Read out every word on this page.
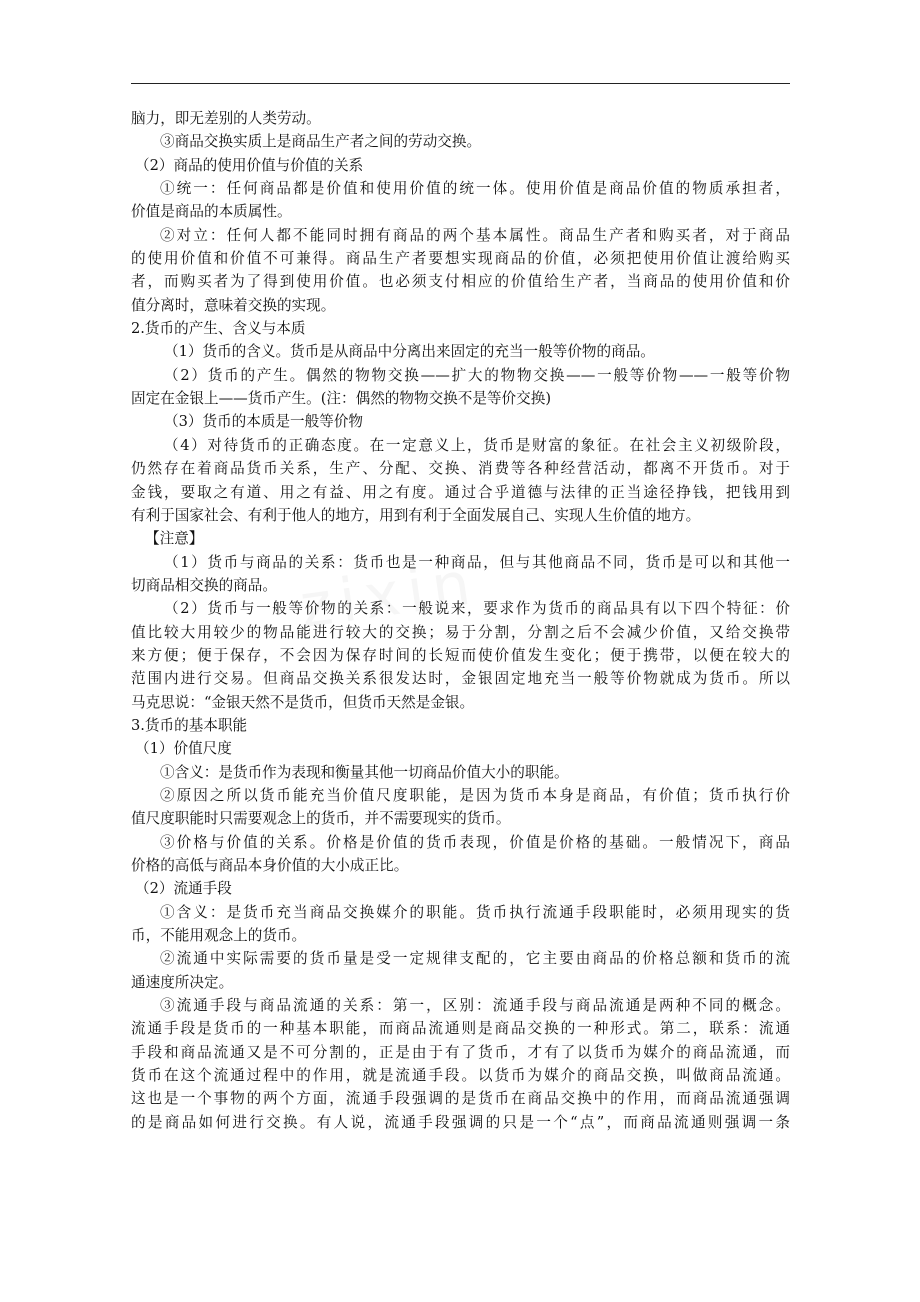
脑力，即无差别的人类劳动。
③商品交换实质上是商品生产者之间的劳动交换。
（2）商品的使用价值与价值的关系
①统一：任何商品都是价值和使用价值的统一体。使用价值是商品价值的物质承担者，
价值是商品的本质属性。
②对立：任何人都不能同时拥有商品的两个基本属性。商品生产者和购买者，对于商品
的使用价值和价值不可兼得。商品生产者要想实现商品的价值，必须把使用价值让渡给购买
者，而购买者为了得到使用价值。也必须支付相应的价值给生产者，当商品的使用价值和价
值分离时，意味着交换的实现。
2.货币的产生、含义与本质
（1）货币的含义。货币是从商品中分离出来固定的充当一般等价物的商品。
（2）货币的产生。偶然的物物交换——扩大的物物交换——一般等价物——一般等价物
固定在金银上——货币产生。(注：偶然的物物交换不是等价交换)
（3）货币的本质是一般等价物
（4）对待货币的正确态度。在一定意义上，货币是财富的象征。在社会主义初级阶段，
仍然存在着商品货币关系，生产、分配、交换、消费等各种经营活动，都离不开货币。对于
金钱，要取之有道、用之有益、用之有度。通过合乎道德与法律的正当途径挣钱，把钱用到
有利于国家社会、有利于他人的地方，用到有利于全面发展自己、实现人生价值的地方。
【注意】
（1）货币与商品的关系：货币也是一种商品，但与其他商品不同，货币是可以和其他一
切商品相交换的商品。
（2）货币与一般等价物的关系：一般说来，要求作为货币的商品具有以下四个特征：价
值比较大用较少的物品能进行较大的交换；易于分割，分割之后不会减少价值，又给交换带
来方便；便于保存，不会因为保存时间的长短而使价值发生变化；便于携带，以便在较大的
范围内进行交易。但商品交换关系很发达时，金银固定地充当一般等价物就成为货币。所以
马克思说：“金银天然不是货币，但货币天然是金银。
3.货币的基本职能
（1）价值尺度
①含义：是货币作为表现和衡量其他一切商品价值大小的职能。
②原因之所以货币能充当价值尺度职能，是因为货币本身是商品，有价值；货币执行价
值尺度职能时只需要观念上的货币，并不需要现实的货币。
③价格与价值的关系。价格是价值的货币表现，价值是价格的基础。一般情况下，商品
价格的高低与商品本身价值的大小成正比。
（2）流通手段
①含义：是货币充当商品交换媒介的职能。货币执行流通手段职能时，必须用现实的货
币，不能用观念上的货币。
②流通中实际需要的货币量是受一定规律支配的，它主要由商品的价格总额和货币的流
通速度所决定。
③流通手段与商品流通的关系：第一，区别：流通手段与商品流通是两种不同的概念。
流通手段是货币的一种基本职能，而商品流通则是商品交换的一种形式。第二，联系：流通
手段和商品流通又是不可分割的，正是由于有了货币，才有了以货币为媒介的商品流通，而
货币在这个流通过程中的作用，就是流通手段。以货币为媒介的商品交换，叫做商品流通。
这也是一个事物的两个方面，流通手段强调的是货币在商品交换中的作用，而商品流通强调
的是商品如何进行交换。有人说，流通手段强调的只是一个“点”，而商品流通则强调一条
